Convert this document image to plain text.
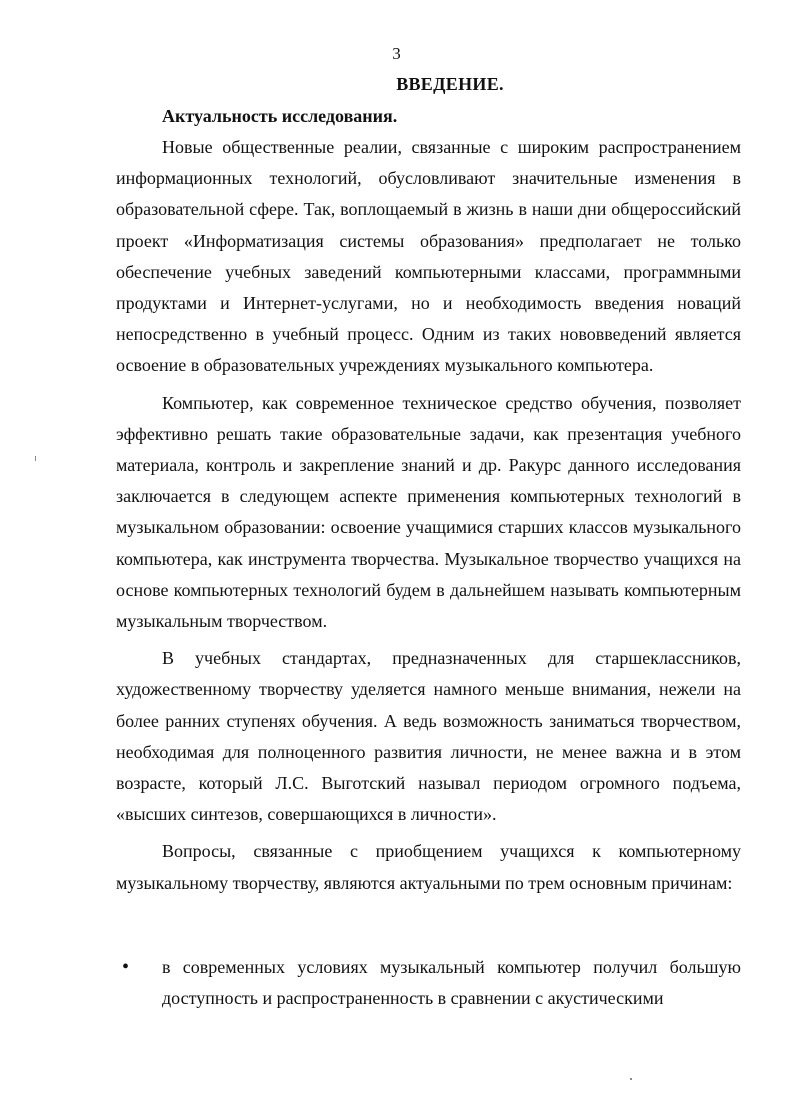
3
ВВЕДЕНИЕ.
Актуальность исследования.

Новые общественные реалии, связанные с широким распространением информационных технологий, обусловливают значительные изменения в образовательной сфере. Так, воплощаемый в жизнь в наши дни общероссийский проект «Информатизация системы образования» предполагает не только обеспечение учебных заведений компьютерными классами, программными продуктами и Интернет-услугами, но и необходимость введения новаций непосредственно в учебный процесс. Одним из таких нововведений является освоение в образовательных учреждениях музыкального компьютера.

Компьютер, как современное техническое средство обучения, позволяет эффективно решать такие образовательные задачи, как презентация учебного материала, контроль и закрепление знаний и др. Ракурс данного исследования заключается в следующем аспекте применения компьютерных технологий в музыкальном образовании: освоение учащимися старших классов музыкального компьютера, как инструмента творчества. Музыкальное творчество учащихся на основе компьютерных технологий будем в дальнейшем называть компьютерным музыкальным творчеством.

В учебных стандартах, предназначенных для старшеклассников, художественному творчеству уделяется намного меньше внимания, нежели на более ранних ступенях обучения. А ведь возможность заниматься творчеством, необходимая для полноценного развития личности, не менее важна и в этом возрасте, который Л.С. Выготский называл периодом огромного подъема, «высших синтезов, совершающихся в личности».

Вопросы, связанные с приобщением учащихся к компьютерному музыкальному творчеству, являются актуальными по трем основным причинам:

• в современных условиях музыкальный компьютер получил большую доступность и распространенность в сравнении с акустическими
